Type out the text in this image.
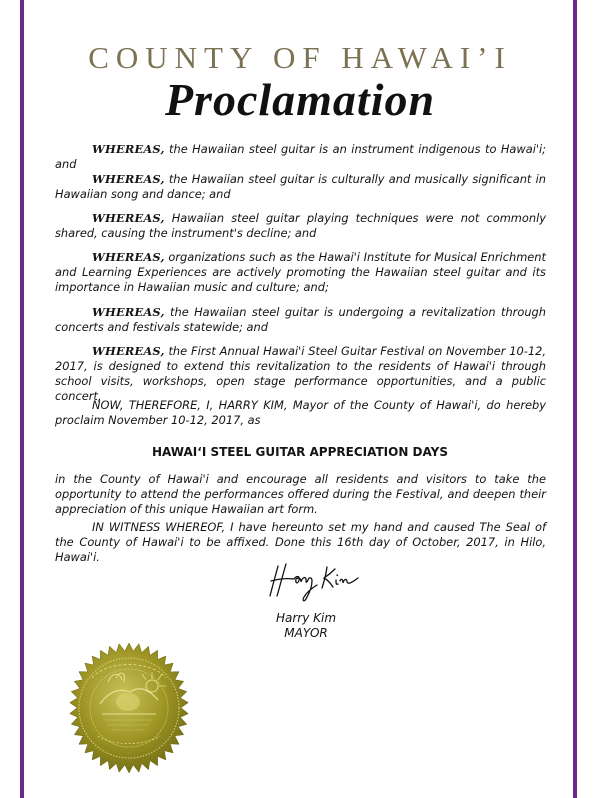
COUNTY OF HAWAI’I
Proclamation

WHEREAS, the Hawaiian steel guitar is an instrument indigenous to Hawai'i; and

WHEREAS, the Hawaiian steel guitar is culturally and musically significant in Hawaiian song and dance; and

WHEREAS, Hawaiian steel guitar playing techniques were not commonly shared, causing the instrument's decline; and

WHEREAS, organizations such as the Hawai'i Institute for Musical Enrichment and Learning Experiences are actively promoting the Hawaiian steel guitar and its importance in Hawaiian music and culture; and;

WHEREAS, the Hawaiian steel guitar is undergoing a revitalization through concerts and festivals statewide; and

WHEREAS, the First Annual Hawai'i Steel Guitar Festival on November 10-12, 2017, is designed to extend this revitalization to the residents of Hawai'i through school visits, workshops, open stage performance opportunities, and a public concert,

NOW, THEREFORE, I, HARRY KIM, Mayor of the County of Hawai'i, do hereby proclaim November 10-12, 2017, as

HAWAI‘I STEEL GUITAR APPRECIATION DAYS

in the County of Hawai'i and encourage all residents and visitors to take the opportunity to attend the performances offered during the Festival, and deepen their appreciation of this unique Hawaiian art form.

IN WITNESS WHEREOF, I have hereunto set my hand and caused The Seal of the County of Hawai'i to be affixed. Done this 16th day of October, 2017, in Hilo, Hawai'i.

Harry Kim
MAYOR
